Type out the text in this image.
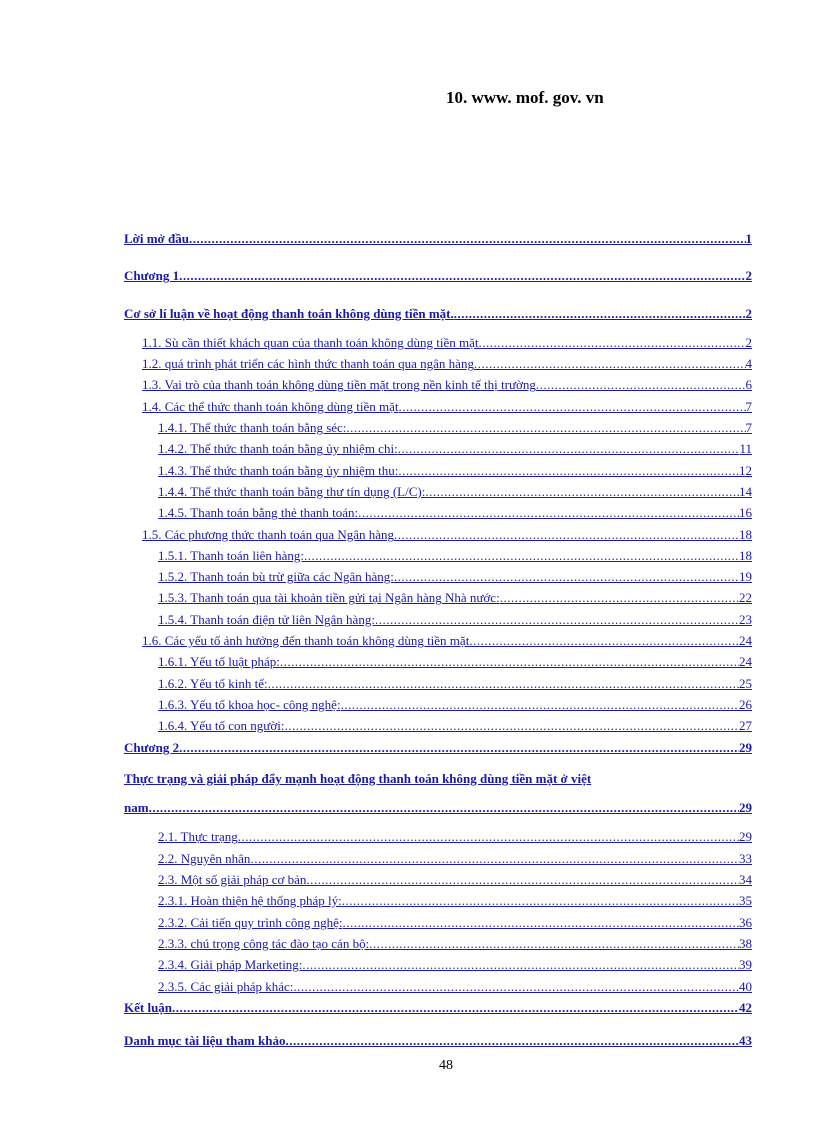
10. www. mof. gov. vn
Lời mở đầu .....	1
Chương 1 .....	2
Cơ sở lí luận về hoạt động thanh toán không dùng tiền mặt. .....	2
1.1. Sù cần thiết khách quan của thanh toán không dùng tiền mặt .....	2
1.2. quá trình phát triển các hình thức thanh toán qua ngân hàng .....	4
1.3. Vai trò của thanh toán không dùng tiền mặt trong nền kinh tế thị trường .....	6
1.4. Các thể thức thanh toán không dùng tiền mặt .....	7
1.4.1. Thể thức thanh toán bằng séc: .....	7
1.4.2. Thể thức thanh toán bằng ủy nhiệm chi: .....	11
1.4.3. Thể thức thanh toán bằng ủy nhiệm thu: .....	12
1.4.4. Thể thức thanh toán bằng thư tín dụng (L/C): .....	14
1.4.5. Thanh toán bằng thẻ thanh toán: .....	16
1.5. Các phương thức thanh toán qua Ngân hàng .....	18
1.5.1. Thanh toán liên hàng: .....	18
1.5.2. Thanh toán bù trừ giữa các Ngân hàng: .....	19
1.5.3. Thanh toán qua tài khoản tiền gửi tại Ngân hàng Nhà nước: .....	22
1.5.4. Thanh toán điện tử liên Ngân hàng: .....	23
1.6. Các yếu tố ảnh hưởng đến thanh toán không dùng tiền mặt .....	24
1.6.1. Yếu tố luật pháp: .....	24
1.6.2. Yếu tố kinh tế: .....	25
1.6.3. Yếu tố khoa học- công nghệ: .....	26
1.6.4. Yếu tố con người: .....	27
Chương 2 .....	29
Thực trạng và giải pháp đẩy mạnh hoạt động thanh toán không dùng tiền mặt ở việt
nam .....	29
2.1. Thực trạng .....	29
2.2. Nguyên nhân .....	33
2.3. Một số giải pháp cơ bản .....	34
2.3.1. Hoàn thiện hệ thống pháp lý: .....	35
2.3.2. Cải tiến quy trình công nghệ: .....	36
2.3.3. chú trọng công tác đào tạo cán bộ: .....	38
2.3.4. Giải pháp Marketing: .....	39
2.3.5. Các giải pháp khác: .....	40
Kết luận .....	42
Danh mục tài liệu tham khảo .....	43
48
